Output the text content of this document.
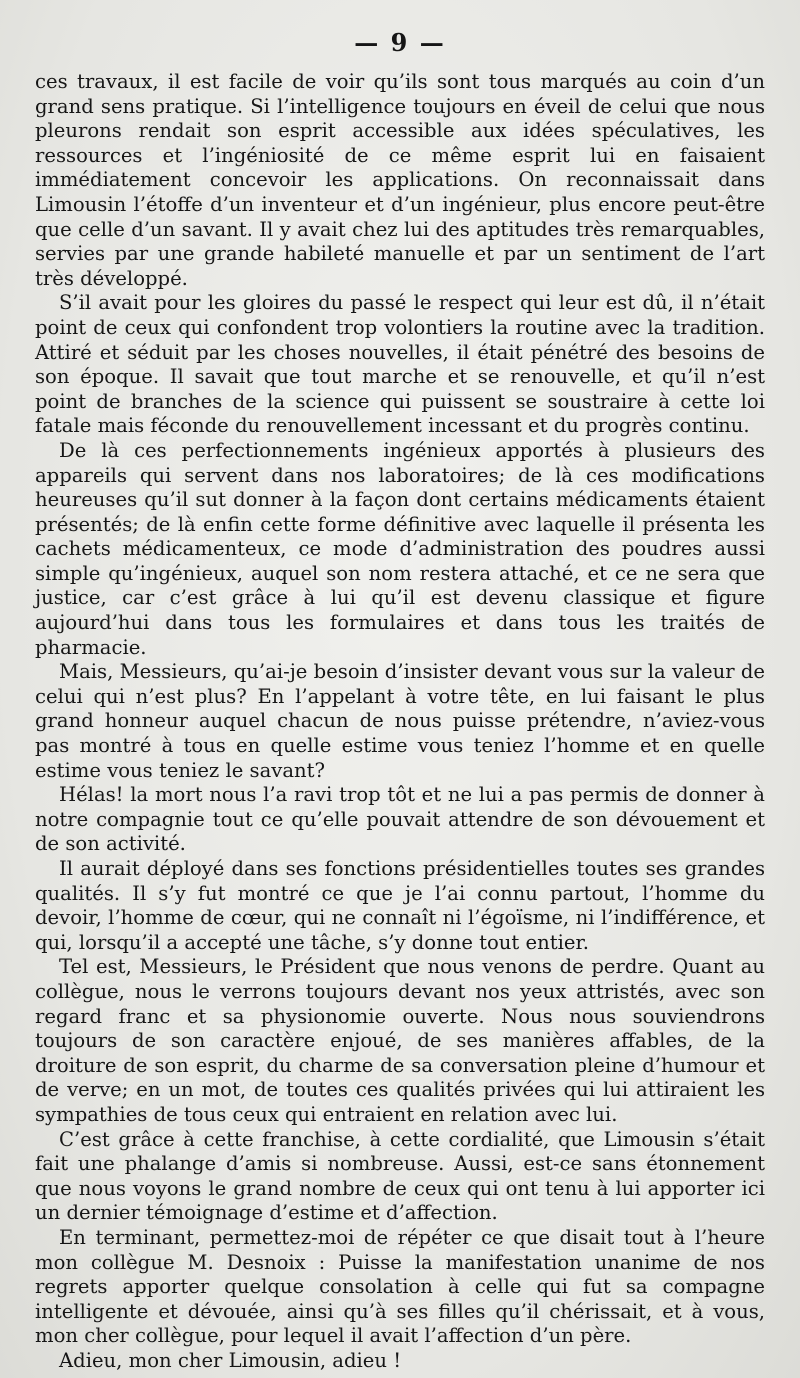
— 9 —

ces travaux, il est facile de voir qu’ils sont tous marqués au coin d’un grand sens pratique. Si l’intelligence toujours en éveil de celui que nous pleurons rendait son esprit accessible aux idées spéculatives, les ressources et l’ingéniosité de ce même esprit lui en faisaient immédiatement concevoir les applications. On reconnaissait dans Limousin l’étoffe d’un inventeur et d’un ingénieur, plus encore peut-être que celle d’un savant. Il y avait chez lui des aptitudes très remarquables, servies par une grande habileté manuelle et par un sentiment de l’art très développé.

S’il avait pour les gloires du passé le respect qui leur est dû, il n’était point de ceux qui confondent trop volontiers la routine avec la tradition. Attiré et séduit par les choses nouvelles, il était pénétré des besoins de son époque. Il savait que tout marche et se renouvelle, et qu’il n’est point de branches de la science qui puissent se soustraire à cette loi fatale mais féconde du renouvellement incessant et du progrès continu.

De là ces perfectionnements ingénieux apportés à plusieurs des appareils qui servent dans nos laboratoires; de là ces modifications heureuses qu’il sut donner à la façon dont certains médicaments étaient présentés; de là enfin cette forme définitive avec laquelle il présenta les cachets médicamenteux, ce mode d’administration des poudres aussi simple qu’ingénieux, auquel son nom restera attaché, et ce ne sera que justice, car c’est grâce à lui qu’il est devenu classique et figure aujourd’hui dans tous les formulaires et dans tous les traités de pharmacie.

Mais, Messieurs, qu’ai-je besoin d’insister devant vous sur la valeur de celui qui n’est plus? En l’appelant à votre tête, en lui faisant le plus grand honneur auquel chacun de nous puisse prétendre, n’aviez-vous pas montré à tous en quelle estime vous teniez l’homme et en quelle estime vous teniez le savant?

Hélas! la mort nous l’a ravi trop tôt et ne lui a pas permis de donner à notre compagnie tout ce qu’elle pouvait attendre de son dévouement et de son activité.

Il aurait déployé dans ses fonctions présidentielles toutes ses grandes qualités. Il s’y fut montré ce que je l’ai connu partout, l’homme du devoir, l’homme de cœur, qui ne connaît ni l’égoïsme, ni l’indifférence, et qui, lorsqu’il a accepté une tâche, s’y donne tout entier.

Tel est, Messieurs, le Président que nous venons de perdre. Quant au collègue, nous le verrons toujours devant nos yeux attristés, avec son regard franc et sa physionomie ouverte. Nous nous souviendrons toujours de son caractère enjoué, de ses manières affables, de la droiture de son esprit, du charme de sa conversation pleine d’humour et de verve; en un mot, de toutes ces qualités privées qui lui attiraient les sympathies de tous ceux qui entraient en relation avec lui.

C’est grâce à cette franchise, à cette cordialité, que Limousin s’était fait une phalange d’amis si nombreuse. Aussi, est-ce sans étonnement que nous voyons le grand nombre de ceux qui ont tenu à lui apporter ici un dernier témoignage d’estime et d’affection.

En terminant, permettez-moi de répéter ce que disait tout à l’heure mon collègue M. Desnoix : Puisse la manifestation unanime de nos regrets apporter quelque consolation à celle qui fut sa compagne intelligente et dévouée, ainsi qu’à ses filles qu’il chérissait, et à vous, mon cher collègue, pour lequel il avait l’affection d’un père.

Adieu, mon cher Limousin, adieu !
